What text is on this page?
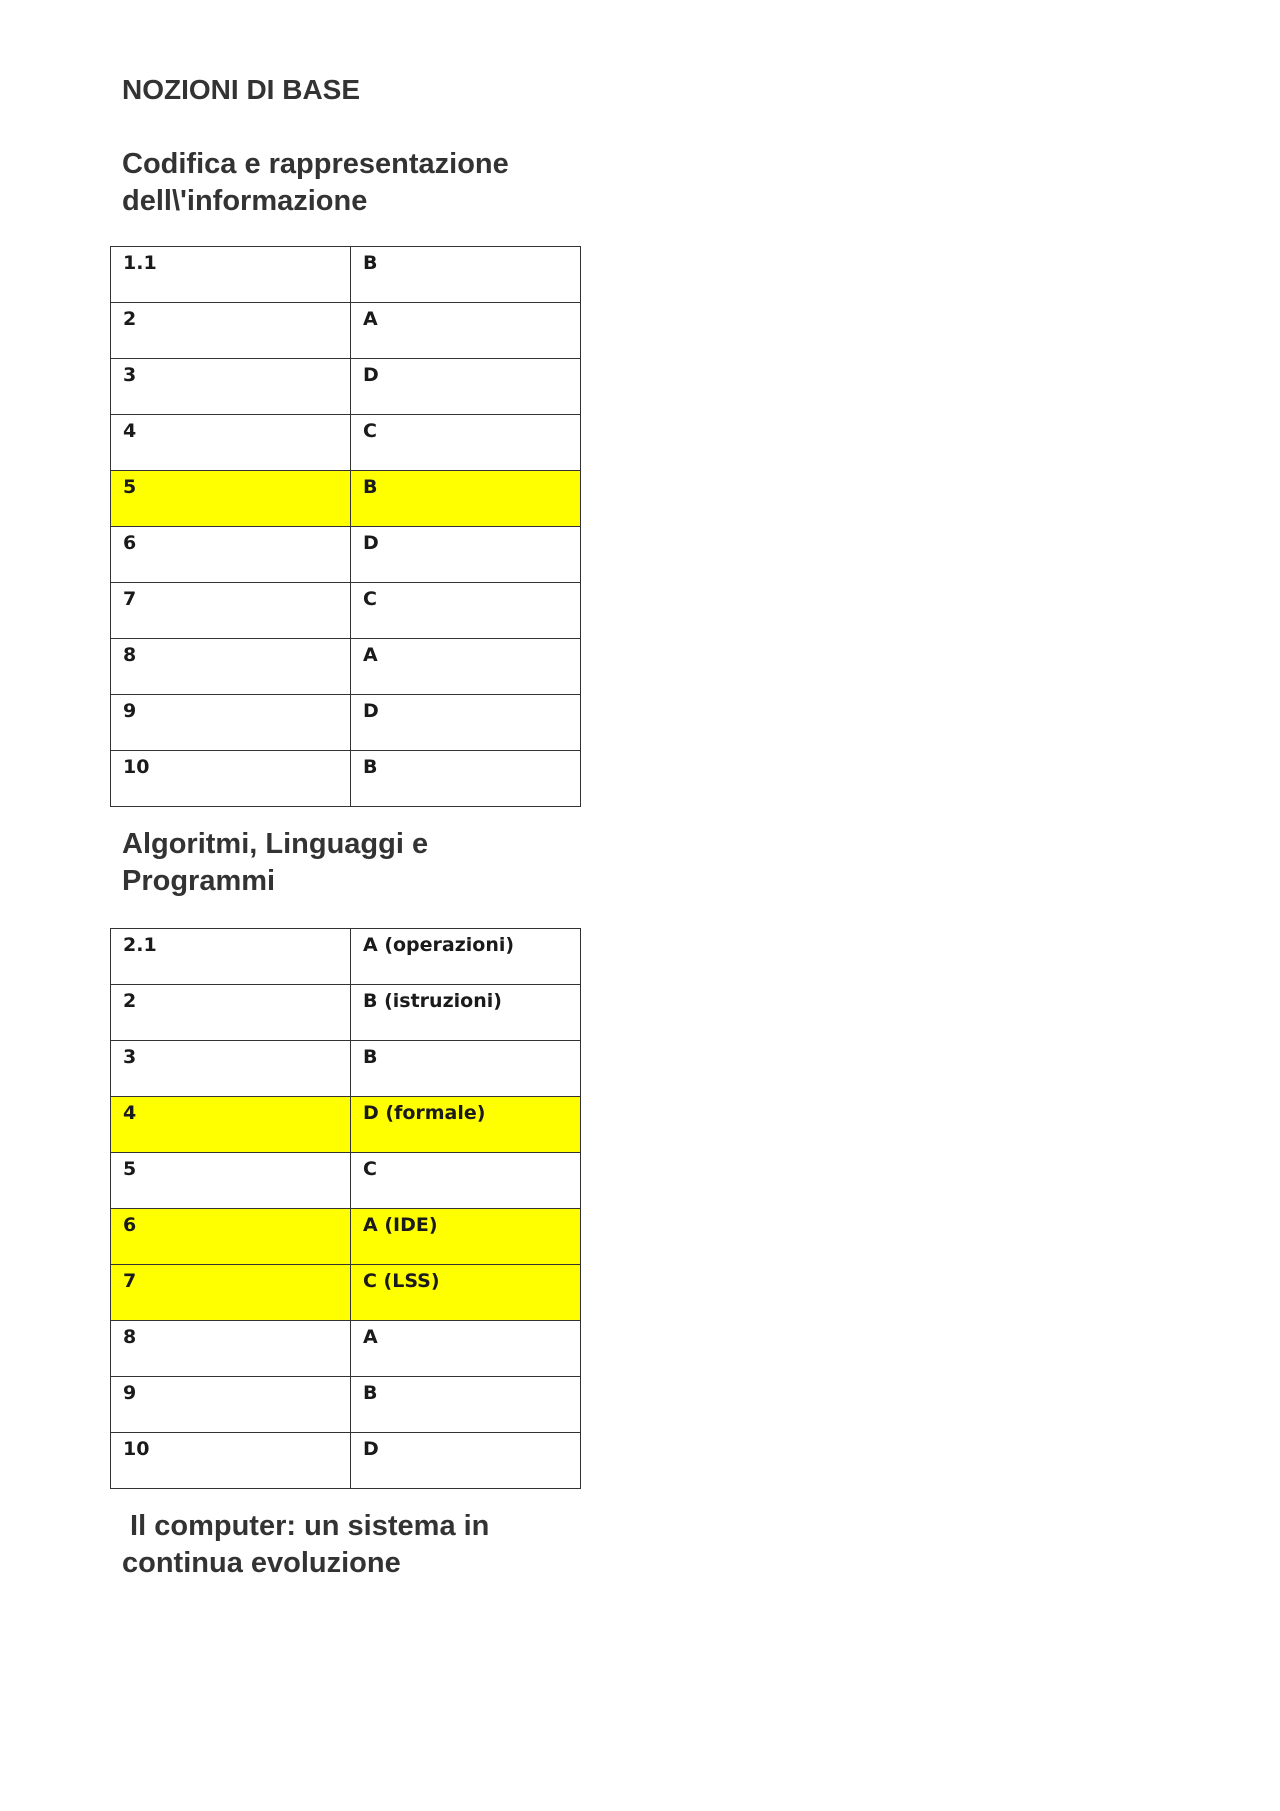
NOZIONI DI BASE
Codifica e rappresentazione
dell\'informazione
1.1	B

2	A

3	D

4	C

5	B

6	D

7	C

8	A

9	D

10	B
Algoritmi, Linguaggi e
Programmi
2.1	A (operazioni)

2	B (istruzioni)

3	B

4	D (formale)

5	C

6	A (IDE)

7	C (LSS)

8	A

9	B

10	D
Il computer: un sistema in
continua evoluzione
